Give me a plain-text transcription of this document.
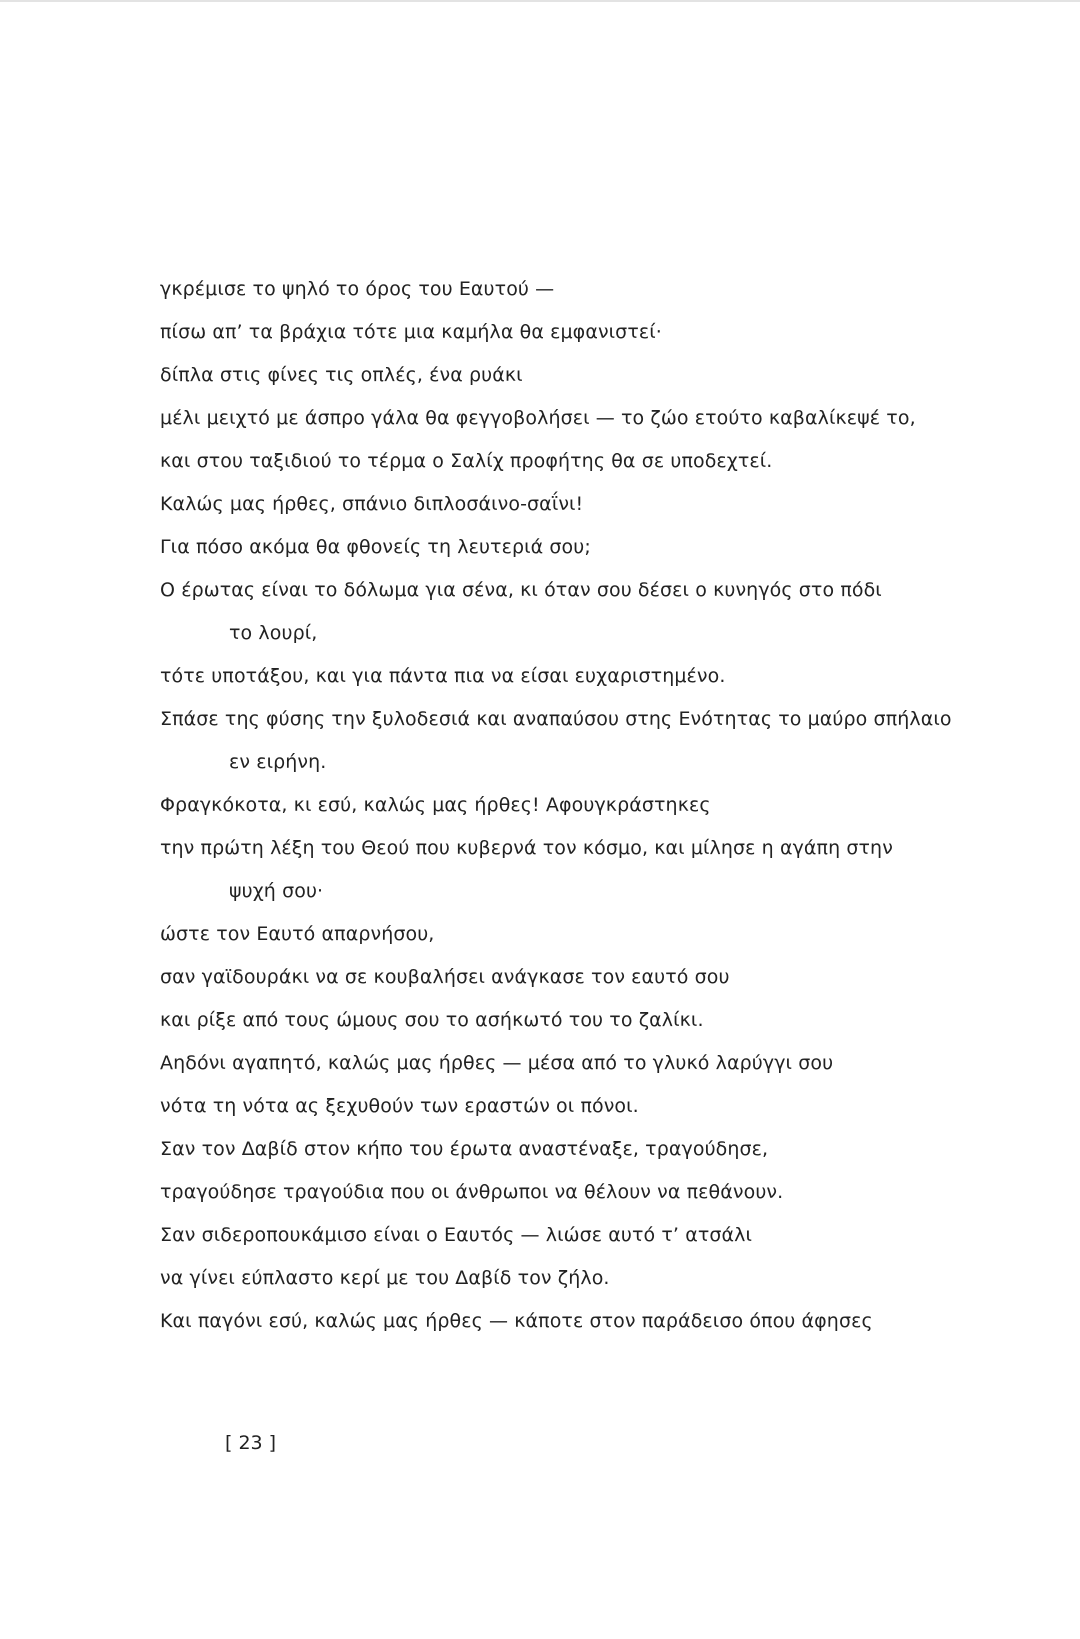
γκρέμισε το ψηλό το όρος του Εαυτού —
πίσω απ’ τα βράχια τότε μια καμήλα θα εμφανιστεί·
δίπλα στις φίνες τις οπλές, ένα ρυάκι
μέλι μειχτό με άσπρο γάλα θα φεγγοβολήσει — το ζώο ετούτο καβαλίκεψέ το,
και στου ταξιδιού το τέρμα ο Σαλίχ προφήτης θα σε υποδεχτεί.
Καλώς μας ήρθες, σπάνιο διπλοσάινο-σαΐνι!
Για πόσο ακόμα θα φθονείς τη λευτεριά σου;
Ο έρωτας είναι το δόλωμα για σένα, κι όταν σου δέσει ο κυνηγός στο πόδι
το λουρί,
τότε υποτάξου, και για πάντα πια να είσαι ευχαριστημένο.
Σπάσε της φύσης την ξυλοδεσιά και αναπαύσου στης Ενότητας το μαύρο σπήλαιο
εν ειρήνη.
Φραγκόκοτα, κι εσύ, καλώς μας ήρθες! Αφουγκράστηκες
την πρώτη λέξη του Θεού που κυβερνά τον κόσμο, και μίλησε η αγάπη στην
ψυχή σου·
ώστε τον Εαυτό απαρνήσου,
σαν γαϊδουράκι να σε κουβαλήσει ανάγκασε τον εαυτό σου
και ρίξε από τους ώμους σου το ασήκωτό του το ζαλίκι.
Αηδόνι αγαπητό, καλώς μας ήρθες — μέσα από το γλυκό λαρύγγι σου
νότα τη νότα ας ξεχυθούν των εραστών οι πόνοι.
Σαν τον Δαβίδ στον κήπο του έρωτα αναστέναξε, τραγούδησε,
τραγούδησε τραγούδια που οι άνθρωποι να θέλουν να πεθάνουν.
Σαν σιδεροπουκάμισο είναι ο Εαυτός — λιώσε αυτό τ’ ατσάλι
να γίνει εύπλαστο κερί με του Δαβίδ τον ζήλο.
Και παγόνι εσύ, καλώς μας ήρθες — κάποτε στον παράδεισο όπου άφησες
[ 23 ]
